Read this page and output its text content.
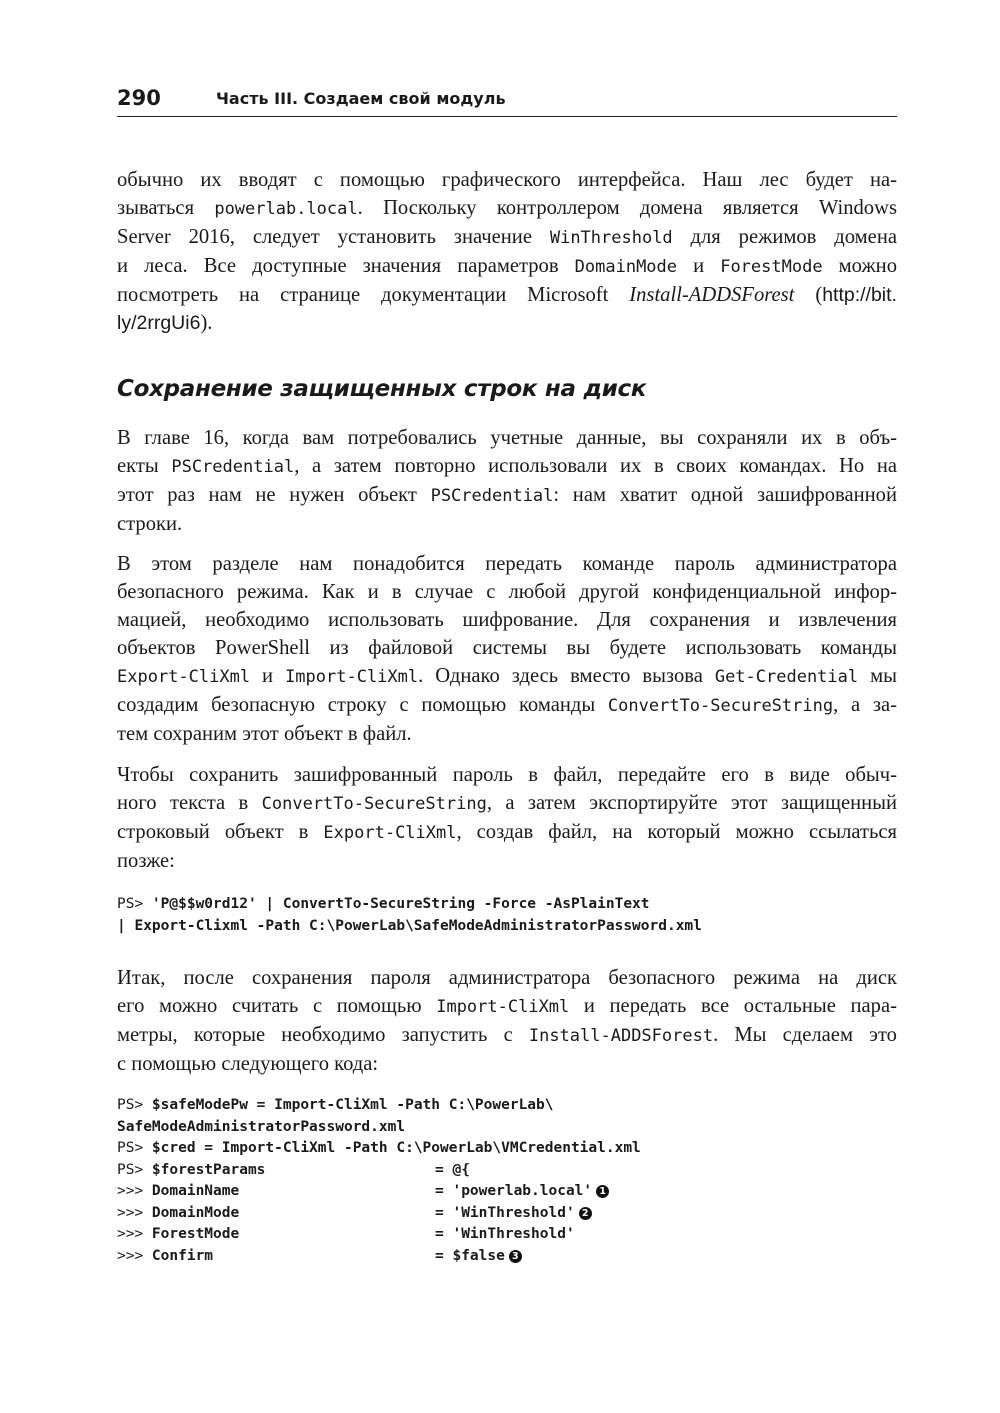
290	Часть III. Создаем свой модуль

обычно их вводят с помощью графического интерфейса. Наш лес будет на-
зываться powerlab.local. Поскольку контроллером домена является Windows
Server 2016, следует установить значение WinThreshold для режимов домена
и леса. Все доступные значения параметров DomainMode и ForestMode можно
посмотреть на странице документации Microsoft Install-ADDSForest (http://bit.
ly/2rrgUi6).

Сохранение защищенных строк на диск

В главе 16, когда вам потребовались учетные данные, вы сохраняли их в объ-
екты PSCredential, а затем повторно использовали их в своих командах. Но на
этот раз нам не нужен объект PSCredential: нам хватит одной зашифрованной
строки.

В этом разделе нам понадобится передать команде пароль администратора
безопасного режима. Как и в случае с любой другой конфиденциальной инфор-
мацией, необходимо использовать шифрование. Для сохранения и извлечения
объектов PowerShell из файловой системы вы будете использовать команды
Export-CliXml и Import-CliXml. Однако здесь вместо вызова Get-Credential мы
создадим безопасную строку с помощью команды ConvertTo-SecureString, а за-
тем сохраним этот объект в файл.

Чтобы сохранить зашифрованный пароль в файл, передайте его в виде обыч-
ного текста в ConvertTo-SecureString, а затем экспортируйте этот защищенный
строковый объект в Export-CliXml, создав файл, на который можно ссылаться
позже:

PS> 'P@$$w0rd12' | ConvertTo-SecureString -Force -AsPlainText
| Export-Clixml -Path C:\PowerLab\SafeModeAdministratorPassword.xml

Итак, после сохранения пароля администратора безопасного режима на диск
его можно считать с помощью Import-CliXml и передать все остальные пара-
метры, которые необходимо запустить с Install-ADDSForest. Мы сделаем это
с помощью следующего кода:

PS> $safeModePw = Import-CliXml -Path C:\PowerLab\
SafeModeAdministratorPassword.xml
PS> $cred = Import-CliXml -Path C:\PowerLab\VMCredential.xml
PS> $forestParams	= @{
>>> DomainName	= 'powerlab.local' 1
>>> DomainMode	= 'WinThreshold' 2
>>> ForestMode	= 'WinThreshold'
>>> Confirm	= $false 3
